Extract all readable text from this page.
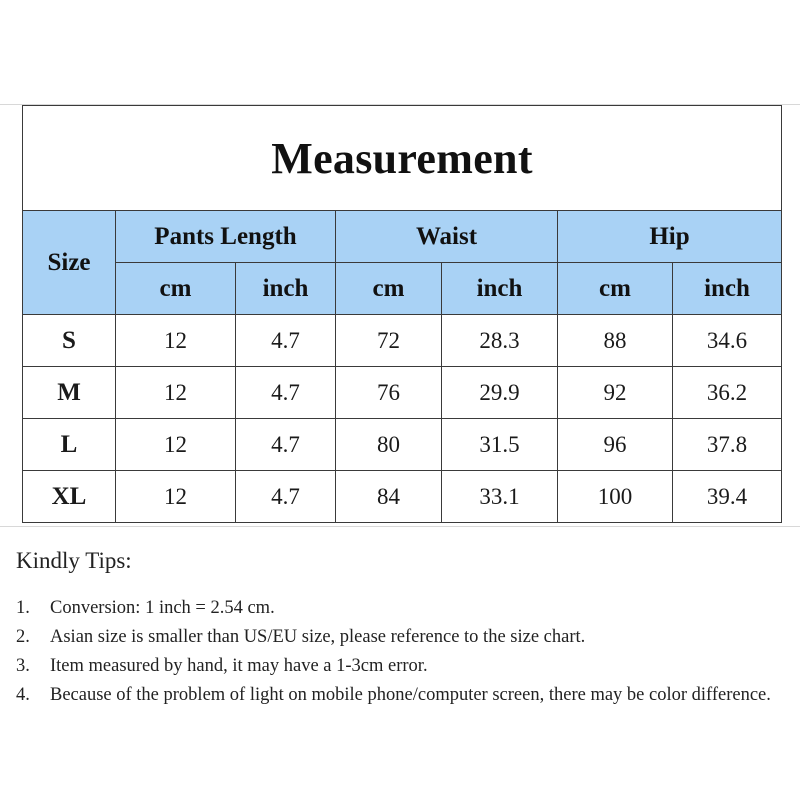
Measurement						
Size	Pants Length		Waist		Hip	
	cm	inch	cm	inch	cm	inch
S	12	4.7	72	28.3	88	34.6
M	12	4.7	76	29.9	92	36.2
L	12	4.7	80	31.5	96	37.8
XL	12	4.7	84	33.1	100	39.4

Kindly Tips:

1.	Conversion: 1 inch = 2.54 cm.
2.	Asian size is smaller than US/EU size, please reference to the size chart.
3.	Item measured by hand, it may have a 1-3cm error.
4.	Because of the problem of light on mobile phone/computer screen, there may be color difference.
